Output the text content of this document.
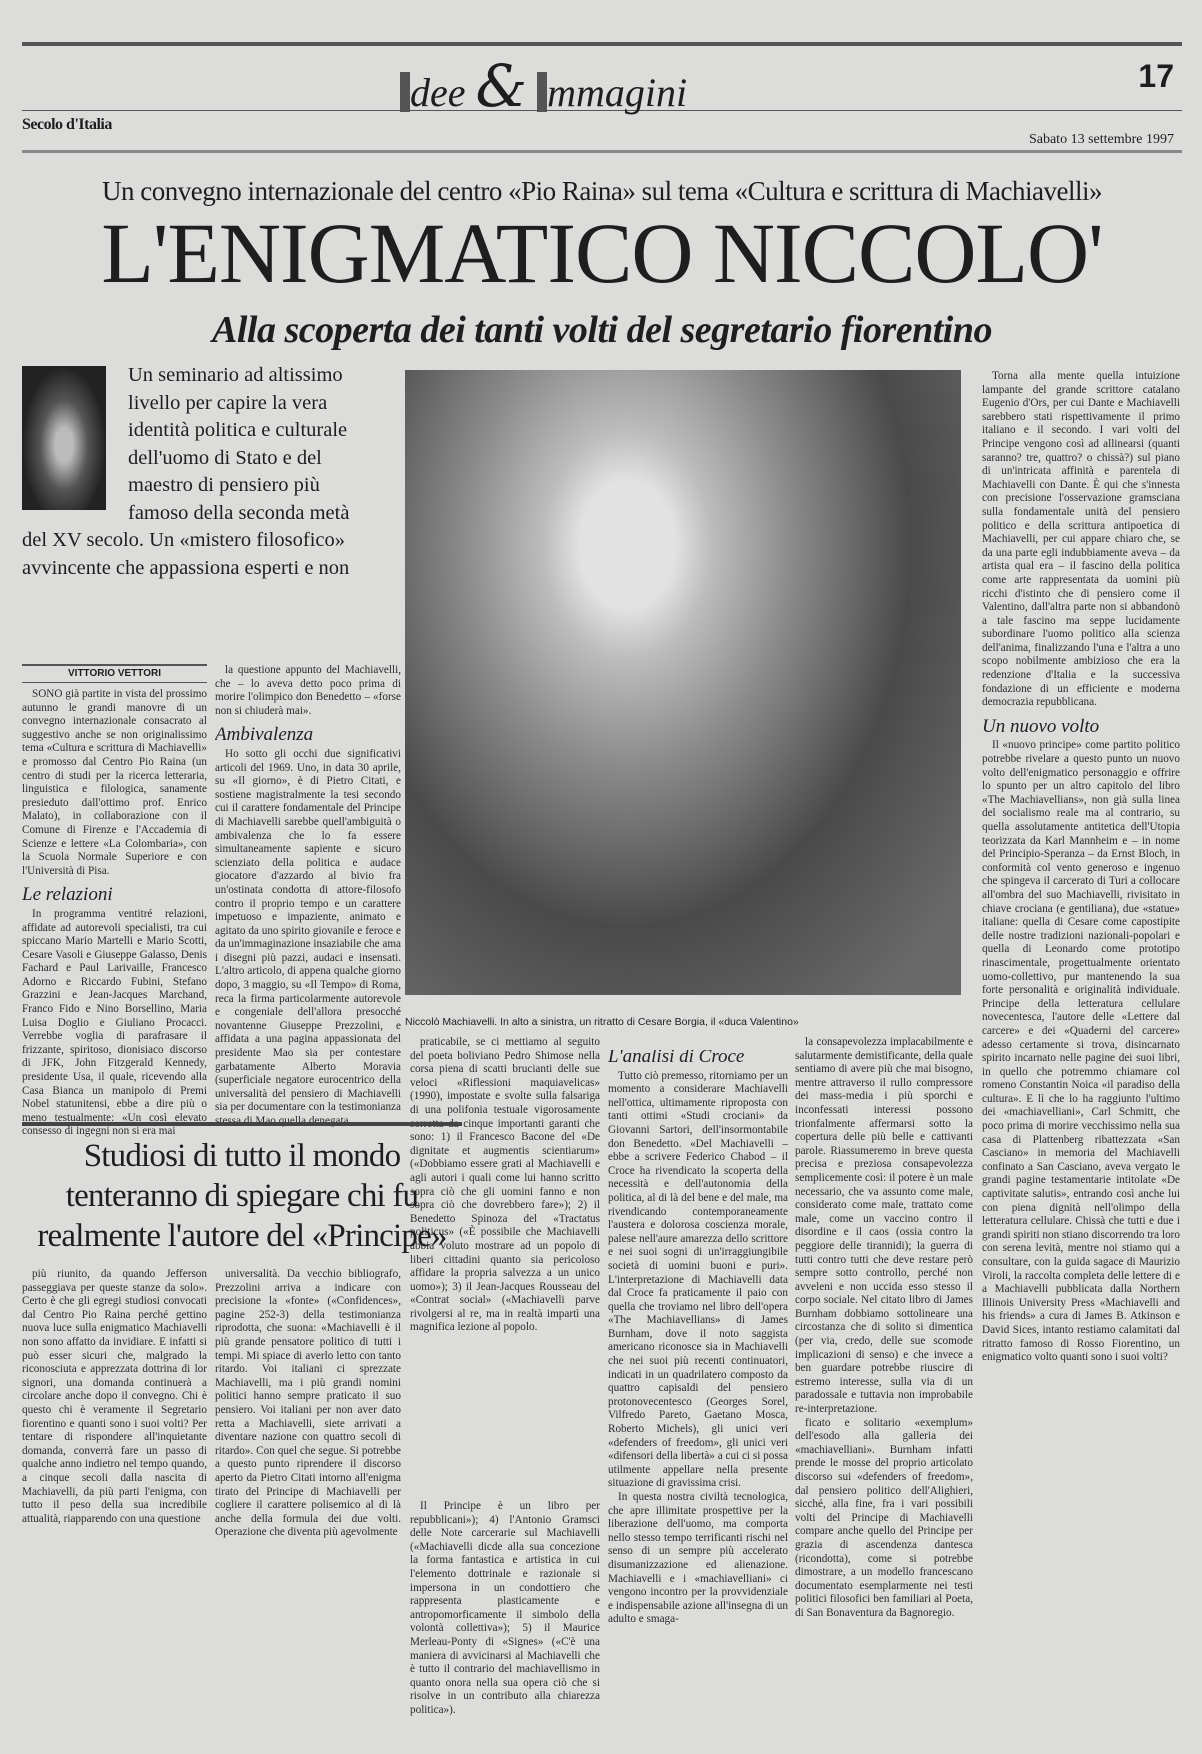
dee & mmagini	17
Secolo d'Italia
Sabato 13 settembre 1997
Un convegno internazionale del centro «Pio Raina» sul tema «Cultura e scrittura di Machiavelli»
L'ENIGMATICO NICCOLO'
Alla scoperta dei tanti volti del segretario fiorentino
Un seminario ad altissimo livello per capire la vera identità politica e culturale dell'uomo di Stato e del maestro di pensiero più famoso della seconda metà del XV secolo. Un «mistero filosofico» avvincente che appassiona esperti e non
Niccolò Machiavelli. In alto a sinistra, un ritratto di Cesare Borgia, il «duca Valentino»
VITTORIO VETTORI

SONO già partite in vista del prossimo autunno le grandi manovre di un convegno internazionale consacrato al suggestivo anche se non originalissimo tema «Cultura e scrittura di Machiavelli» e promosso dal Centro Pio Raina (un centro di studi per la ricerca letteraria, linguistica e filologica, sanamente presieduto dall'ottimo prof. Enrico Malato), in collaborazione con il Comune di Firenze e l'Accademia di Scienze e lettere «La Colombaria», con la Scuola Normale Superiore e con l'Università di Pisa.

Le relazioni

In programma ventitré relazioni, affidate ad autorevoli specialisti, tra cui spiccano Mario Martelli e Mario Scotti, Cesare Vasoli e Giuseppe Galasso, Denis Fachard e Paul Larivaille, Francesco Adorno e Riccardo Fubini, Stefano Grazzini e Jean-Jacques Marchand, Franco Fido e Nino Borsellino, Maria Luisa Doglio e Giuliano Procacci. Verrebbe voglia di parafrasare il frizzante, spiritoso, dionisiaco discorso di JFK, John Fitzgerald Kennedy, presidente Usa, il quale, ricevendo alla Casa Bianca un manipolo di Premi Nobel statunitensi, ebbe a dire più o meno testualmente: «Un così elevato consesso di ingegni non si era mai

la questione appunto del Machiavelli, che – lo aveva detto poco prima di morire l'olimpico don Benedetto – «forse non si chiuderà mai».

Ambivalenza

Ho sotto gli occhi due significativi articoli del 1969. Uno, in data 30 aprile, su «Il giorno», è di Pietro Citati, e sostiene magistralmente la tesi secondo cui il carattere fondamentale del Principe di Machiavelli sarebbe quell'ambiguità o ambivalenza che lo fa essere simultaneamente sapiente e sicuro scienziato della politica e audace giocatore d'azzardo al bivio fra un'ostinata condotta di attore-filosofo contro il proprio tempo e un carattere impetuoso e impaziente, animato e agitato da uno spirito giovanile e feroce e da un'immaginazione insaziabile che ama i disegni più pazzi, audaci e insensati. L'altro articolo, di appena qualche giorno dopo, 3 maggio, su «Il Tempo» di Roma, reca la firma particolarmente autorevole e congeniale dell'allora presocché novantenne Giuseppe Prezzolini, e affidata a una pagina appassionata del presidente Mao sia per contestare garbatamente Alberto Moravia (superficiale negatore eurocentrico della universalità del pensiero di Machiavelli sia per documentare con la testimonianza stessa di Mao quella denegata

praticabile, se ci mettiamo al seguito del poeta boliviano Pedro Shimose nella corsa piena di scatti brucianti delle sue veloci «Riflessioni maquiavelicas» (1990), impostate e svolte sulla falsariga di una polifonia testuale vigorosamente sorretta da cinque importanti garanti che sono: 1) il Francesco Bacone del «De dignitate et augmentis scientiarum» («Dobbiamo essere grati al Machiavelli e agli autori i quali come lui hanno scritto sopra ciò che gli uomini fanno e non sopra ciò che dovrebbero fare»); 2) il Benedetto Spinoza del «Tractatus politicus» («È possibile che Machiavelli abbia voluto mostrare ad un popolo di liberi cittadini quanto sia pericoloso affidare la propria salvezza a un unico uomo»); 3) il Jean-Jacques Rousseau del «Contrat social» («Machiavelli parve rivolgersi al re, ma in realtà impartì una magnifica lezione al popolo.

L'analisi di Croce

Tutto ciò premesso, ritorniamo per un momento a considerare Machiavelli nell'ottica, ultimamente riproposta con tanti ottimi «Studi crociani» da Giovanni Sartori, dell'insormontabile don Benedetto. «Del Machiavelli – ebbe a scrivere Federico Chabod – il Croce ha rivendicato la scoperta della necessità e dell'autonomia della politica, al di là del bene e del male, ma rivendicando contemporaneamente l'austera e dolorosa coscienza morale, palese nell'aure amarezza dello scrittore e nei suoi sogni di un'irraggiungibile società di uomini buoni e puri». L'interpretazione di Machiavelli data dal Croce fa praticamente il paio con quella che troviamo nel libro dell'opera «The Machiavellians» di James Burnham, dove il noto saggista americano riconosce sia in Machiavelli che nei suoi più recenti continuatori, indicati in un quadrilatero composto da quattro capisaldi del pensiero protonovecentesco (Georges Sorel, Vilfredo Pareto, Gaetano Mosca, Roberto Michels), gli unici veri «defenders of freedom», gli unici veri «difensori della libertà» a cui ci si possa utilmente appellare nella presente situazione di gravissima crisi.

In questa nostra civiltà tecnologica, che apre illimitate prospettive per la liberazione dell'uomo, ma comporta nello stesso tempo terrificanti rischi nel senso di un sempre più accelerato disumanizzazione ed alienazione. Machiavelli e i «machiavelliani» ci vengono incontro per la provvidenziale e indispensabile azione all'insegna di un adulto e smaga-

la consapevolezza implacabilmente e salutarmente demistificante, della quale sentiamo di avere più che mai bisogno, mentre attraverso il rullo compressore dei mass-media i più sporchi e inconfessati interessi possono trionfalmente affermarsi sotto la copertura delle più belle e cattivanti parole. Riassumeremo in breve questa precisa e preziosa consapevolezza semplicemente così: il potere è un male necessario, che va assunto come male, considerato come male, trattato come male, come un vaccino contro il disordine e il caos (ossia contro la peggiore delle tirannidi); la guerra di tutti contro tutti che deve restare però sempre sotto controllo, perché non avveleni e non uccida esso stesso il corpo sociale. Nel citato libro di James Burnham dobbiamo sottolineare una circostanza che di solito si dimentica (per via, credo, delle sue scomode implicazioni di senso) e che invece a ben guardare potrebbe riuscire di estremo interesse, sulla via di un paradossale e tuttavia non improbabile re-interpretazione.

ficato e solitario «exemplum» dell'esodo alla galleria dei «machiavelliani». Burnham infatti prende le mosse del proprio articolato discorso sui «defenders of freedom», dal pensiero politico dell'Alighieri, sicché, alla fine, fra i vari possibili volti del Principe di Machiavelli compare anche quello del Principe per grazia di ascendenza dantesca (ricondotta), come si potrebbe dimostrare, a un modello francescano documentato esemplarmente nei testi politici filosofici ben familiari al Poeta, di San Bonaventura da Bagnoregio.

Torna alla mente quella intuizione lampante del grande scrittore catalano Eugenio d'Ors, per cui Dante e Machiavelli sarebbero stati rispettivamente il primo italiano e il secondo. I vari volti del Principe vengono così ad allinearsi (quanti saranno? tre, quattro? o chissà?) sul piano di un'intricata affinità e parentela di Machiavelli con Dante. È qui che s'innesta con precisione l'osservazione gramsciana sulla fondamentale unità del pensiero politico e della scrittura antipoetica di Machiavelli, per cui appare chiaro che, se da una parte egli indubbiamente aveva – da artista qual era – il fascino della politica come arte rappresentata da uomini più ricchi d'istinto che di pensiero come il Valentino, dall'altra parte non si abbandonò a tale fascino ma seppe lucidamente subordinare l'uomo politico alla scienza dell'anima, finalizzando l'una e l'altra a uno scopo nobilmente ambizioso che era la redenzione d'Italia e la successiva fondazione di un efficiente e moderna democrazia repubblicana.

Un nuovo volto

Il «nuovo principe» come partito politico potrebbe rivelare a questo punto un nuovo volto dell'enigmatico personaggio e offrire lo spunto per un altro capitolo del libro «The Machiavellians», non già sulla linea del socialismo reale ma al contrario, su quella assolutamente antitetica dell'Utopia teorizzata da Karl Mannheim e – in nome del Principio-Speranza – da Ernst Bloch, in conformità col vento generoso e ingenuo che spingeva il carcerato di Turi a collocare all'ombra del suo Machiavelli, rivisitato in chiave crociana (e gentiliana), due «statue» italiane: quella di Cesare come capostipite delle nostre tradizioni nazionali-popolari e quella di Leonardo come prototipo rinascimentale, progettualmente orientato uomo-collettivo, pur mantenendo la sua forte personalità e originalità individuale. Principe della letteratura cellulare novecentesca, l'autore delle «Lettere dal carcere» e dei «Quaderni del carcere» adesso certamente si trova, disincarnato spirito incarnato nelle pagine dei suoi libri, in quello che potremmo chiamare col romeno Constantin Noica «il paradiso della cultura». E lì che lo ha raggiunto l'ultimo dei «machiavelliani», Carl Schmitt, che poco prima di morire vecchissimo nella sua casa di Plattenberg ribattezzata «San Casciano» in memoria del Machiavelli confinato a San Casciano, aveva vergato le grandi pagine testamentarie intitolate «De captivitate salutis», entrando così anche lui con piena dignità nell'olimpo della letteratura cellulare. Chissà che tutti e due i grandi spiriti non stiano discorrendo tra loro con serena levità, mentre noi stiamo qui a consultare, con la guida sagace di Maurizio Viroli, la raccolta completa delle lettere di e a Machiavelli pubblicata dalla Northern Illinois University Press «Machiavelli and his friends» a cura di James B. Atkinson e David Sices, intanto restiamo calamitati dal ritratto famoso di Rosso Fiorentino, un enigmatico volto quanti sono i suoi volti?

Studiosi di tutto il mondo tenteranno di spiegare chi fu realmente l'autore del «Principe»

più riunito, da quando Jefferson passeggiava per queste stanze da solo». Certo è che gli egregi studiosi convocati dal Centro Pio Raina perché gettino nuova luce sulla enigmatico Machiavelli non sono affatto da invidiare. E infatti si può esser sicuri che, malgrado la riconosciuta e apprezzata dottrina di lor signori, una domanda continuerà a circolare anche dopo il convegno. Chi è questo chi è veramente il Segretario fiorentino e quanti sono i suoi volti? Per tentare di rispondere all'inquietante domanda, converrà fare un passo di qualche anno indietro nel tempo quando, a cinque secoli dalla nascita di Machiavelli, da più parti l'enigma, con tutto il peso della sua incredibile attualità, riapparendo con una questione

universalità. Da vecchio bibliografo, Prezzolini arriva a indicare con precisione la «fonte» («Confidences», pagine 252-3) della testimonianza riprodotta, che suona: «Machiavelli è il più grande pensatore politico di tutti i tempi. Mi spiace di averlo letto con tanto ritardo. Voi italiani ci sprezzate Machiavelli, ma i più grandi nomini politici hanno sempre praticato il suo pensiero. Voi italiani per non aver dato retta a Machiavelli, siete arrivati a diventare nazione con quattro secoli di ritardo». Con quel che segue. Si potrebbe a questo punto riprendere il discorso aperto da Pietro Citati intorno all'enigma tirato del Principe di Machiavelli per cogliere il carattere polisemico al di là anche della formula dei due volti. Operazione che diventa più agevolmente

Il Principe è un libro per repubblicani»); 4) l'Antonio Gramsci delle Note carcerarie sul Machiavelli («Machiavelli dicde alla sua concezione la forma fantastica e artistica in cui l'elemento dottrinale e razionale si impersona in un condottiero che rappresenta plasticamente e antropomorficamente il simbolo della volontà collettiva»); 5) il Maurice Merleau-Ponty di «Signes» («C'è una maniera di avvicinarsi al Machiavelli che è tutto il contrario del machiavellismo in quanto onora nella sua opera ciò che si risolve in un contributo alla chiarezza politica»).
